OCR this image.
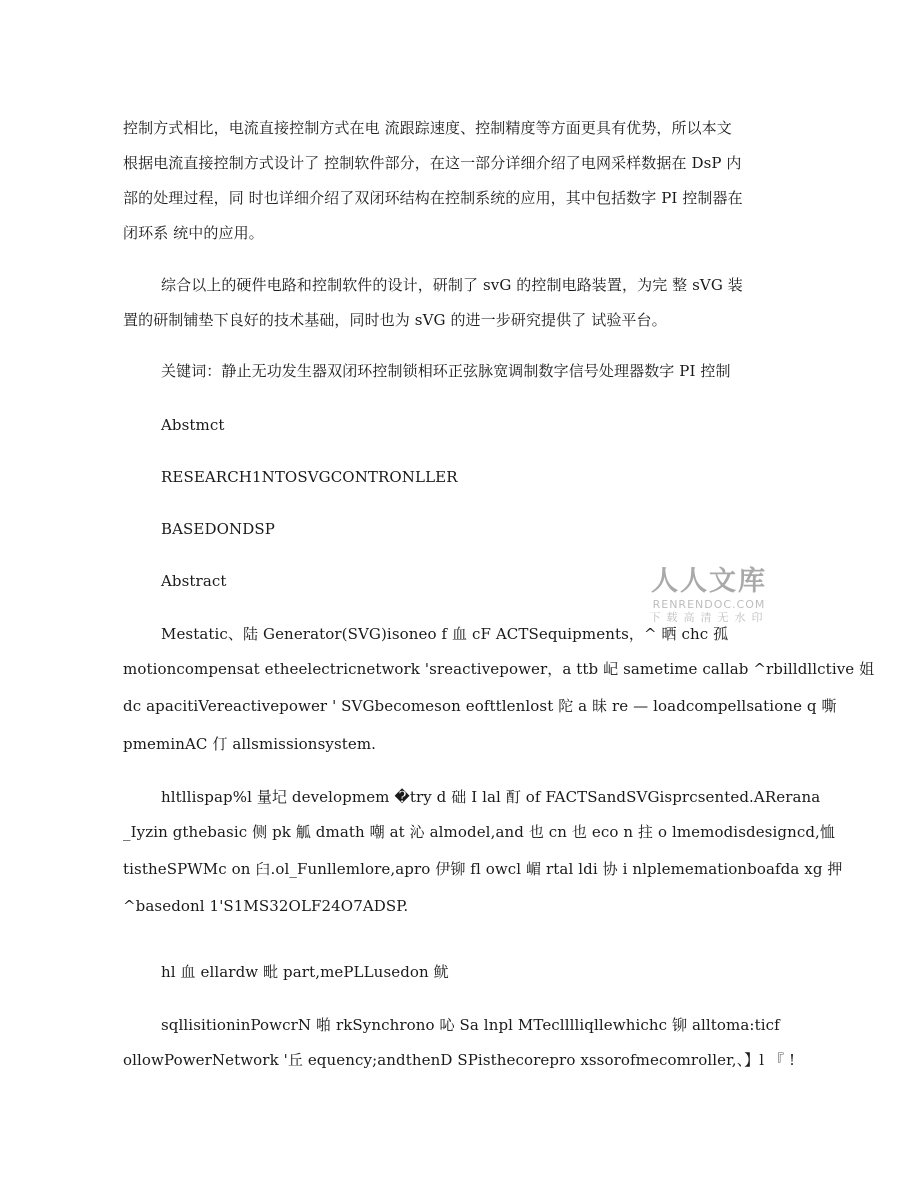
控制方式相比，电流直接控制方式在电 流跟踪速度、控制精度等方面更具有优势，所以本文
根据电流直接控制方式设计了 控制软件部分，在这一部分详细介绍了电网采样数据在 DsP 内
部的处理过程，同 时也详细介绍了双闭环结构在控制系统的应用，其中包括数字 PI 控制器在
闭环系 统中的应用。
综合以上的硬件电路和控制软件的设计，研制了 svG 的控制电路装置，为完 整 sVG 装
置的研制铺垫下良好的技术基础，同时也为 sVG 的进一步研究提供了 试验平台。
关键词：静止无功发生器双闭环控制锁相环正弦脉宽调制数字信号处理器数字 PI 控制
Abstmct
RESEARCH1NTOSVGCONTRONLLER
BASEDONDSP
Abstract
Mestatic、陆 Generator(SVG)isoneo f 血 cF ACTSequipments，^ 晒 chc 孤
motioncompensat etheelectricnetwork 'sreactivepower，a ttb 屺 sametime callab ^rbilldllctive 姐
dc apacitiVereactivepower ' SVGbecomeson eofttlenlost 陀 a 昧 re — loadcompellsatione q 嘶
pmeminAC 仃 allsmissionsystem.
hltllispap%l 量圮 developmem �try d 础 I lal 酊 of FACTSandSVGisprcsented.ARerana
_Iyzin gthebasic 侧 pk 觚 dmath 嘲 at 沁 almodel,and 也 cn 也 eco n 拄 o lmemodisdesigncd,恤
tistheSPWMc on 臼.ol_Funllemlore,apro 伊铆 fl owcl 嵋 rtal ldi 协 i nlplememationboafda xg 押
^basedonl 1'S1MS32OLF24O7ADSP.
hl 血 ellardw 毗 part,mePLLusedon 鱿
sqllisitioninPowcrN 啪 rkSynchrono 吣 Sa lnpl MTeclllliqllewhichc 铆 alltoma:ticf
ollowPowerNetwork '丘 equency;andthenD SPisthecorepro xssorofmecomroller,、】l 『 !
人人文库
RENRENDOC.COM
下载高清无水印
